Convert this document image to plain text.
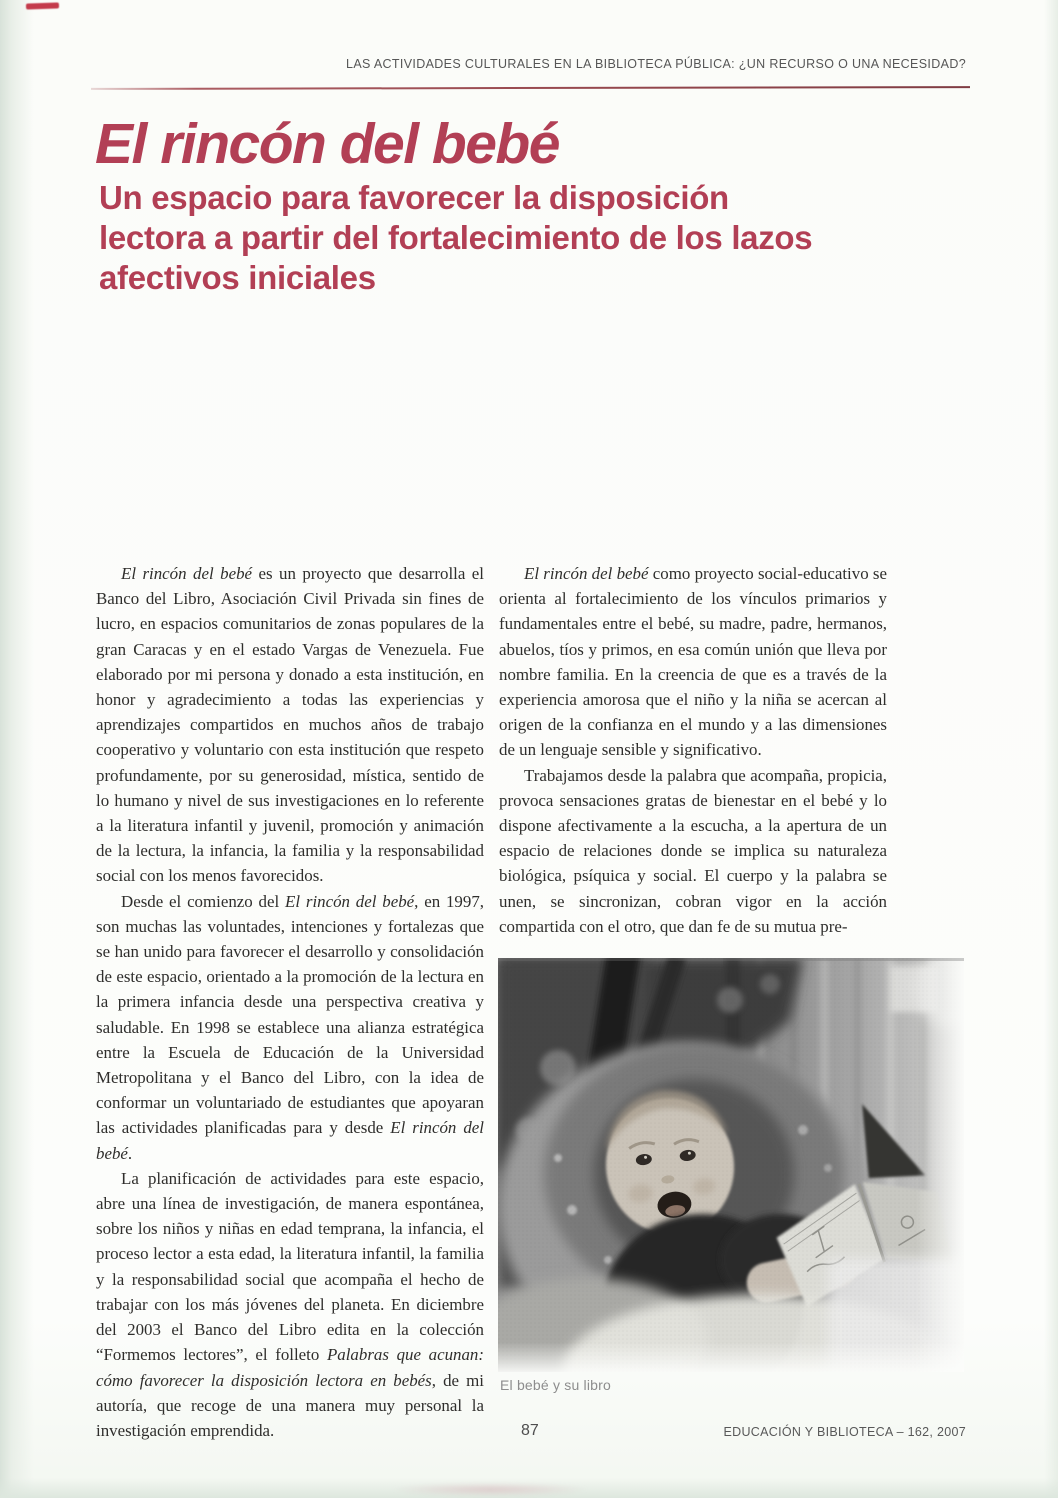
LAS ACTIVIDADES CULTURALES EN LA BIBLIOTECA PÚBLICA: ¿UN RECURSO O UNA NECESIDAD?
El rincón del bebé
Un espacio para favorecer la disposición
lectora a partir del fortalecimiento de los lazos
afectivos iniciales

El rincón del bebé es un proyecto que desarrolla el Banco del Libro, Asociación Civil Privada sin fines de lucro, en espacios comunitarios de zonas populares de la gran Caracas y en el estado Vargas de Venezuela. Fue elaborado por mi persona y donado a esta institución, en honor y agradecimiento a todas las experiencias y aprendizajes compartidos en muchos años de trabajo cooperativo y voluntario con esta institución que respeto profundamente, por su generosidad, mística, sentido de lo humano y nivel de sus investigaciones en lo referente a la literatura infantil y juvenil, promoción y animación de la lectura, la infancia, la familia y la responsabilidad social con los menos favorecidos.

Desde el comienzo del El rincón del bebé, en 1997, son muchas las voluntades, intenciones y fortalezas que se han unido para favorecer el desarrollo y consolidación de este espacio, orientado a la promoción de la lectura en la primera infancia desde una perspectiva creativa y saludable. En 1998 se establece una alianza estratégica entre la Escuela de Educación de la Universidad Metropolitana y el Banco del Libro, con la idea de conformar un voluntariado de estudiantes que apoyaran las actividades planificadas para y desde El rincón del bebé.

La planificación de actividades para este espacio, abre una línea de investigación, de manera espontánea, sobre los niños y niñas en edad temprana, la infancia, el proceso lector a esta edad, la literatura infantil, la familia y la responsabilidad social que acompaña el hecho de trabajar con los más jóvenes del planeta. En diciembre del 2003 el Banco del Libro edita en la colección “Formemos lectores”, el folleto Palabras que acunan: cómo favorecer la disposición lectora en bebés, de mi autoría, que recoge de una manera muy personal la investigación emprendida.

El rincón del bebé como proyecto social-educativo se orienta al fortalecimiento de los vínculos primarios y fundamentales entre el bebé, su madre, padre, hermanos, abuelos, tíos y primos, en esa común unión que lleva por nombre familia. En la creencia de que es a través de la experiencia amorosa que el niño y la niña se acercan al origen de la confianza en el mundo y a las dimensiones de un lenguaje sensible y significativo.

Trabajamos desde la palabra que acompaña, propicia, provoca sensaciones gratas de bienestar en el bebé y lo dispone afectivamente a la escucha, a la apertura de un espacio de relaciones donde se implica su naturaleza biológica, psíquica y social. El cuerpo y la palabra se unen, se sincronizan, cobran vigor en la acción compartida con el otro, que dan fe de su mutua pre-

El bebé y su libro
87	EDUCACIÓN Y BIBLIOTECA – 162, 2007
